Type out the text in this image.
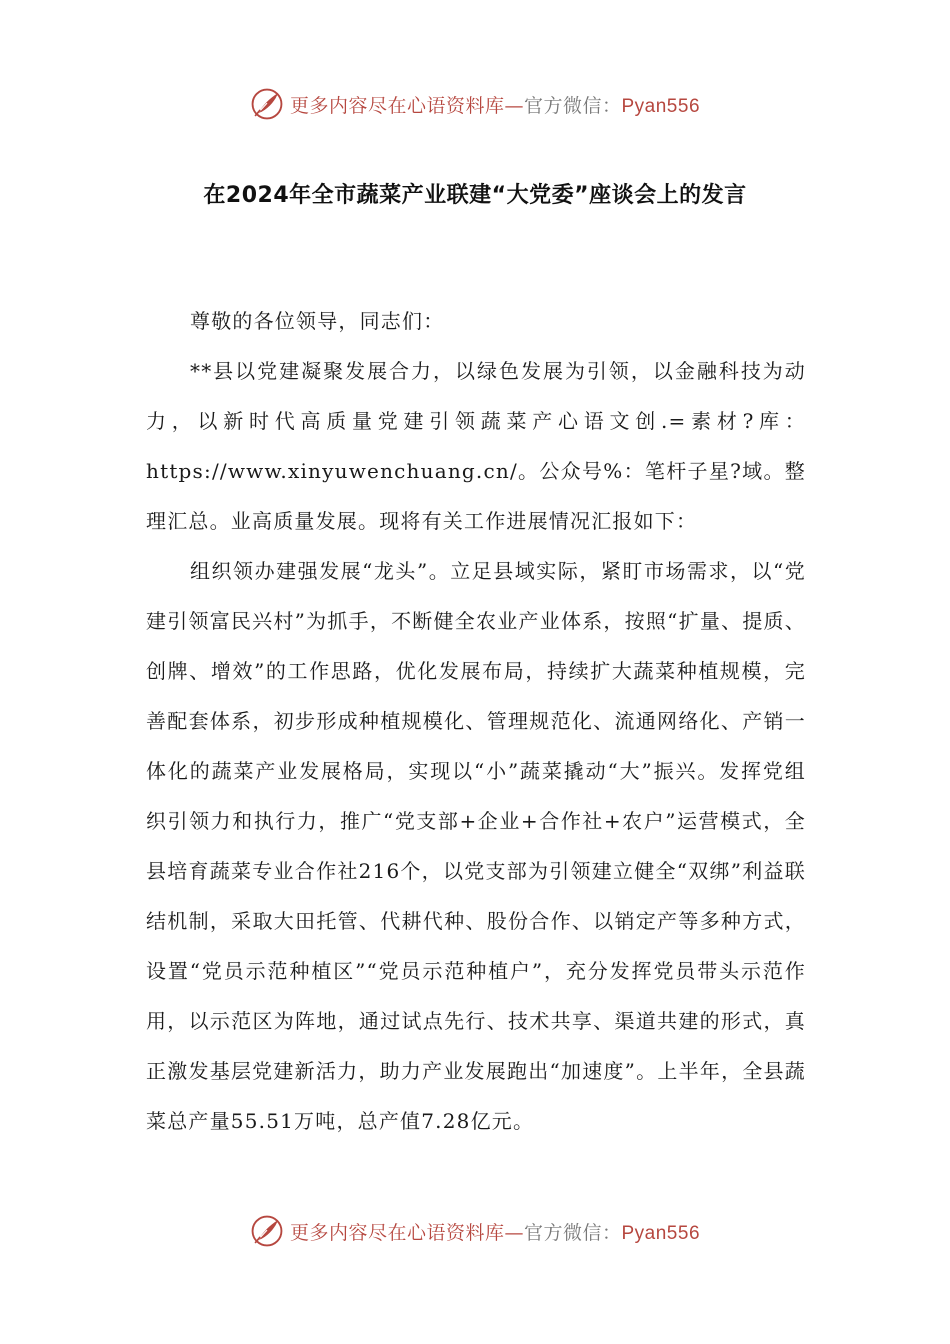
更多内容尽在心语资料库—官方微信：Pyan556
在2024年全市蔬菜产业联建“大党委”座谈会上的发言

尊敬的各位领导，同志们：

**县以党建凝聚发展合力，以绿色发展为引领，以金融科技为动力，以新时代高质量党建引领蔬菜产心语文创.=素材?库：https://www.xinyuwenchuang.cn/。公众号%：笔杆子星?域。整理汇总。业高质量发展。现将有关工作进展情况汇报如下：

组织领办建强发展“龙头”。立足县域实际，紧盯市场需求，以“党建引领富民兴村”为抓手，不断健全农业产业体系，按照“扩量、提质、创牌、增效”的工作思路，优化发展布局，持续扩大蔬菜种植规模，完善配套体系，初步形成种植规模化、管理规范化、流通网络化、产销一体化的蔬菜产业发展格局，实现以“小”蔬菜撬动“大”振兴。发挥党组织引领力和执行力，推广“党支部+企业+合作社+农户”运营模式，全县培育蔬菜专业合作社216个，以党支部为引领建立健全“双绑”利益联结机制，采取大田托管、代耕代种、股份合作、以销定产等多种方式，设置“党员示范种植区”“党员示范种植户”，充分发挥党员带头示范作用，以示范区为阵地，通过试点先行、技术共享、渠道共建的形式，真正激发基层党建新活力，助力产业发展跑出“加速度”。上半年，全县蔬菜总产量55.51万吨，总产值7.28亿元。

更多内容尽在心语资料库—官方微信：Pyan556
